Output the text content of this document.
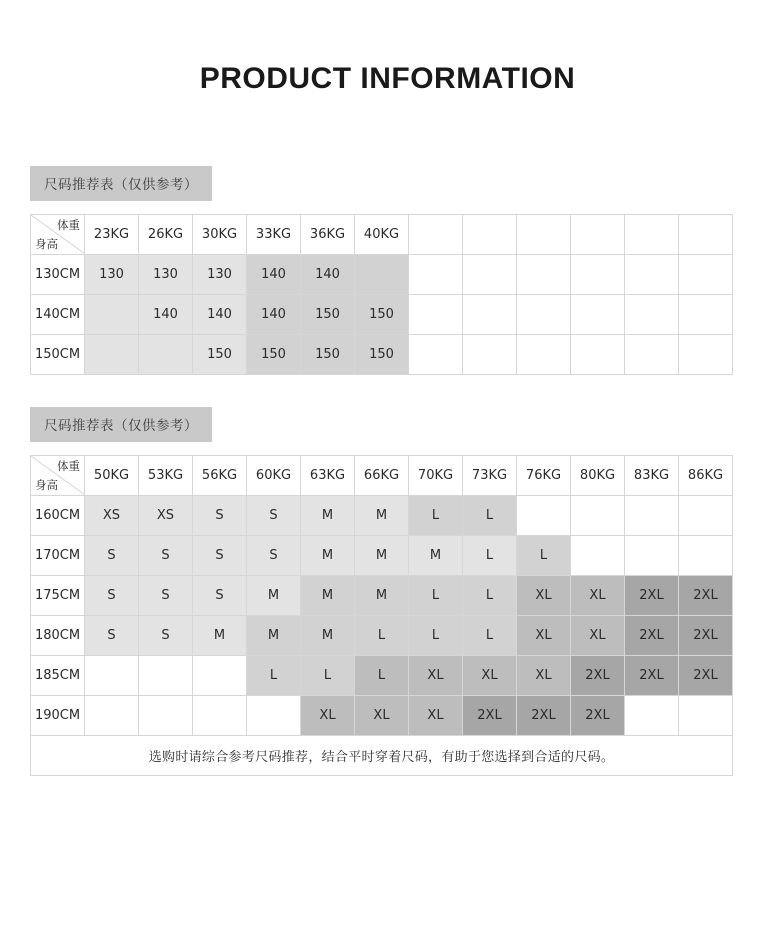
PRODUCT INFORMATION
尺码推荐表（仅供参考）
体重
身高	23KG	26KG	30KG	33KG	36KG	40KG						
130CM	130	130	130	140	140							
140CM		140	140	140	150	150						
150CM			150	150	150	150						
尺码推荐表（仅供参考）
体重
身高	50KG	53KG	56KG	60KG	63KG	66KG	70KG	73KG	76KG	80KG	83KG	86KG
160CM	XS	XS	S	S	M	M	L	L				
170CM	S	S	S	S	M	M	M	L	L			
175CM	S	S	S	M	M	M	L	L	XL	XL	2XL	2XL
180CM	S	S	M	M	M	L	L	L	XL	XL	2XL	2XL
185CM				L	L	L	XL	XL	XL	2XL	2XL	2XL
190CM					XL	XL	XL	2XL	2XL	2XL		
选购时请综合参考尺码推荐，结合平时穿着尺码，有助于您选择到合适的尺码。												
